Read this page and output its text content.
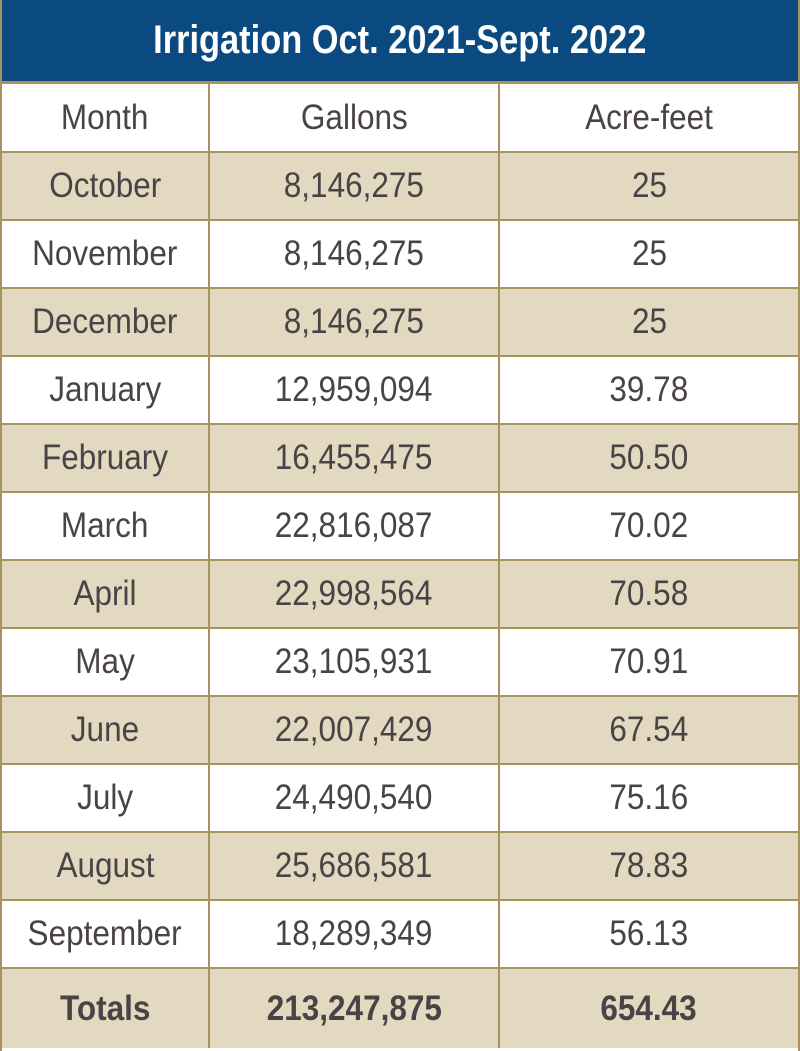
Irrigation Oct. 2021-Sept. 2022
Month	Gallons	Acre-feet
October	8,146,275	25
November	8,146,275	25
December	8,146,275	25
January	12,959,094	39.78
February	16,455,475	50.50
March	22,816,087	70.02
April	22,998,564	70.58
May	23,105,931	70.91
June	22,007,429	67.54
July	24,490,540	75.16
August	25,686,581	78.83
September	18,289,349	56.13
Totals	213,247,875	654.43
